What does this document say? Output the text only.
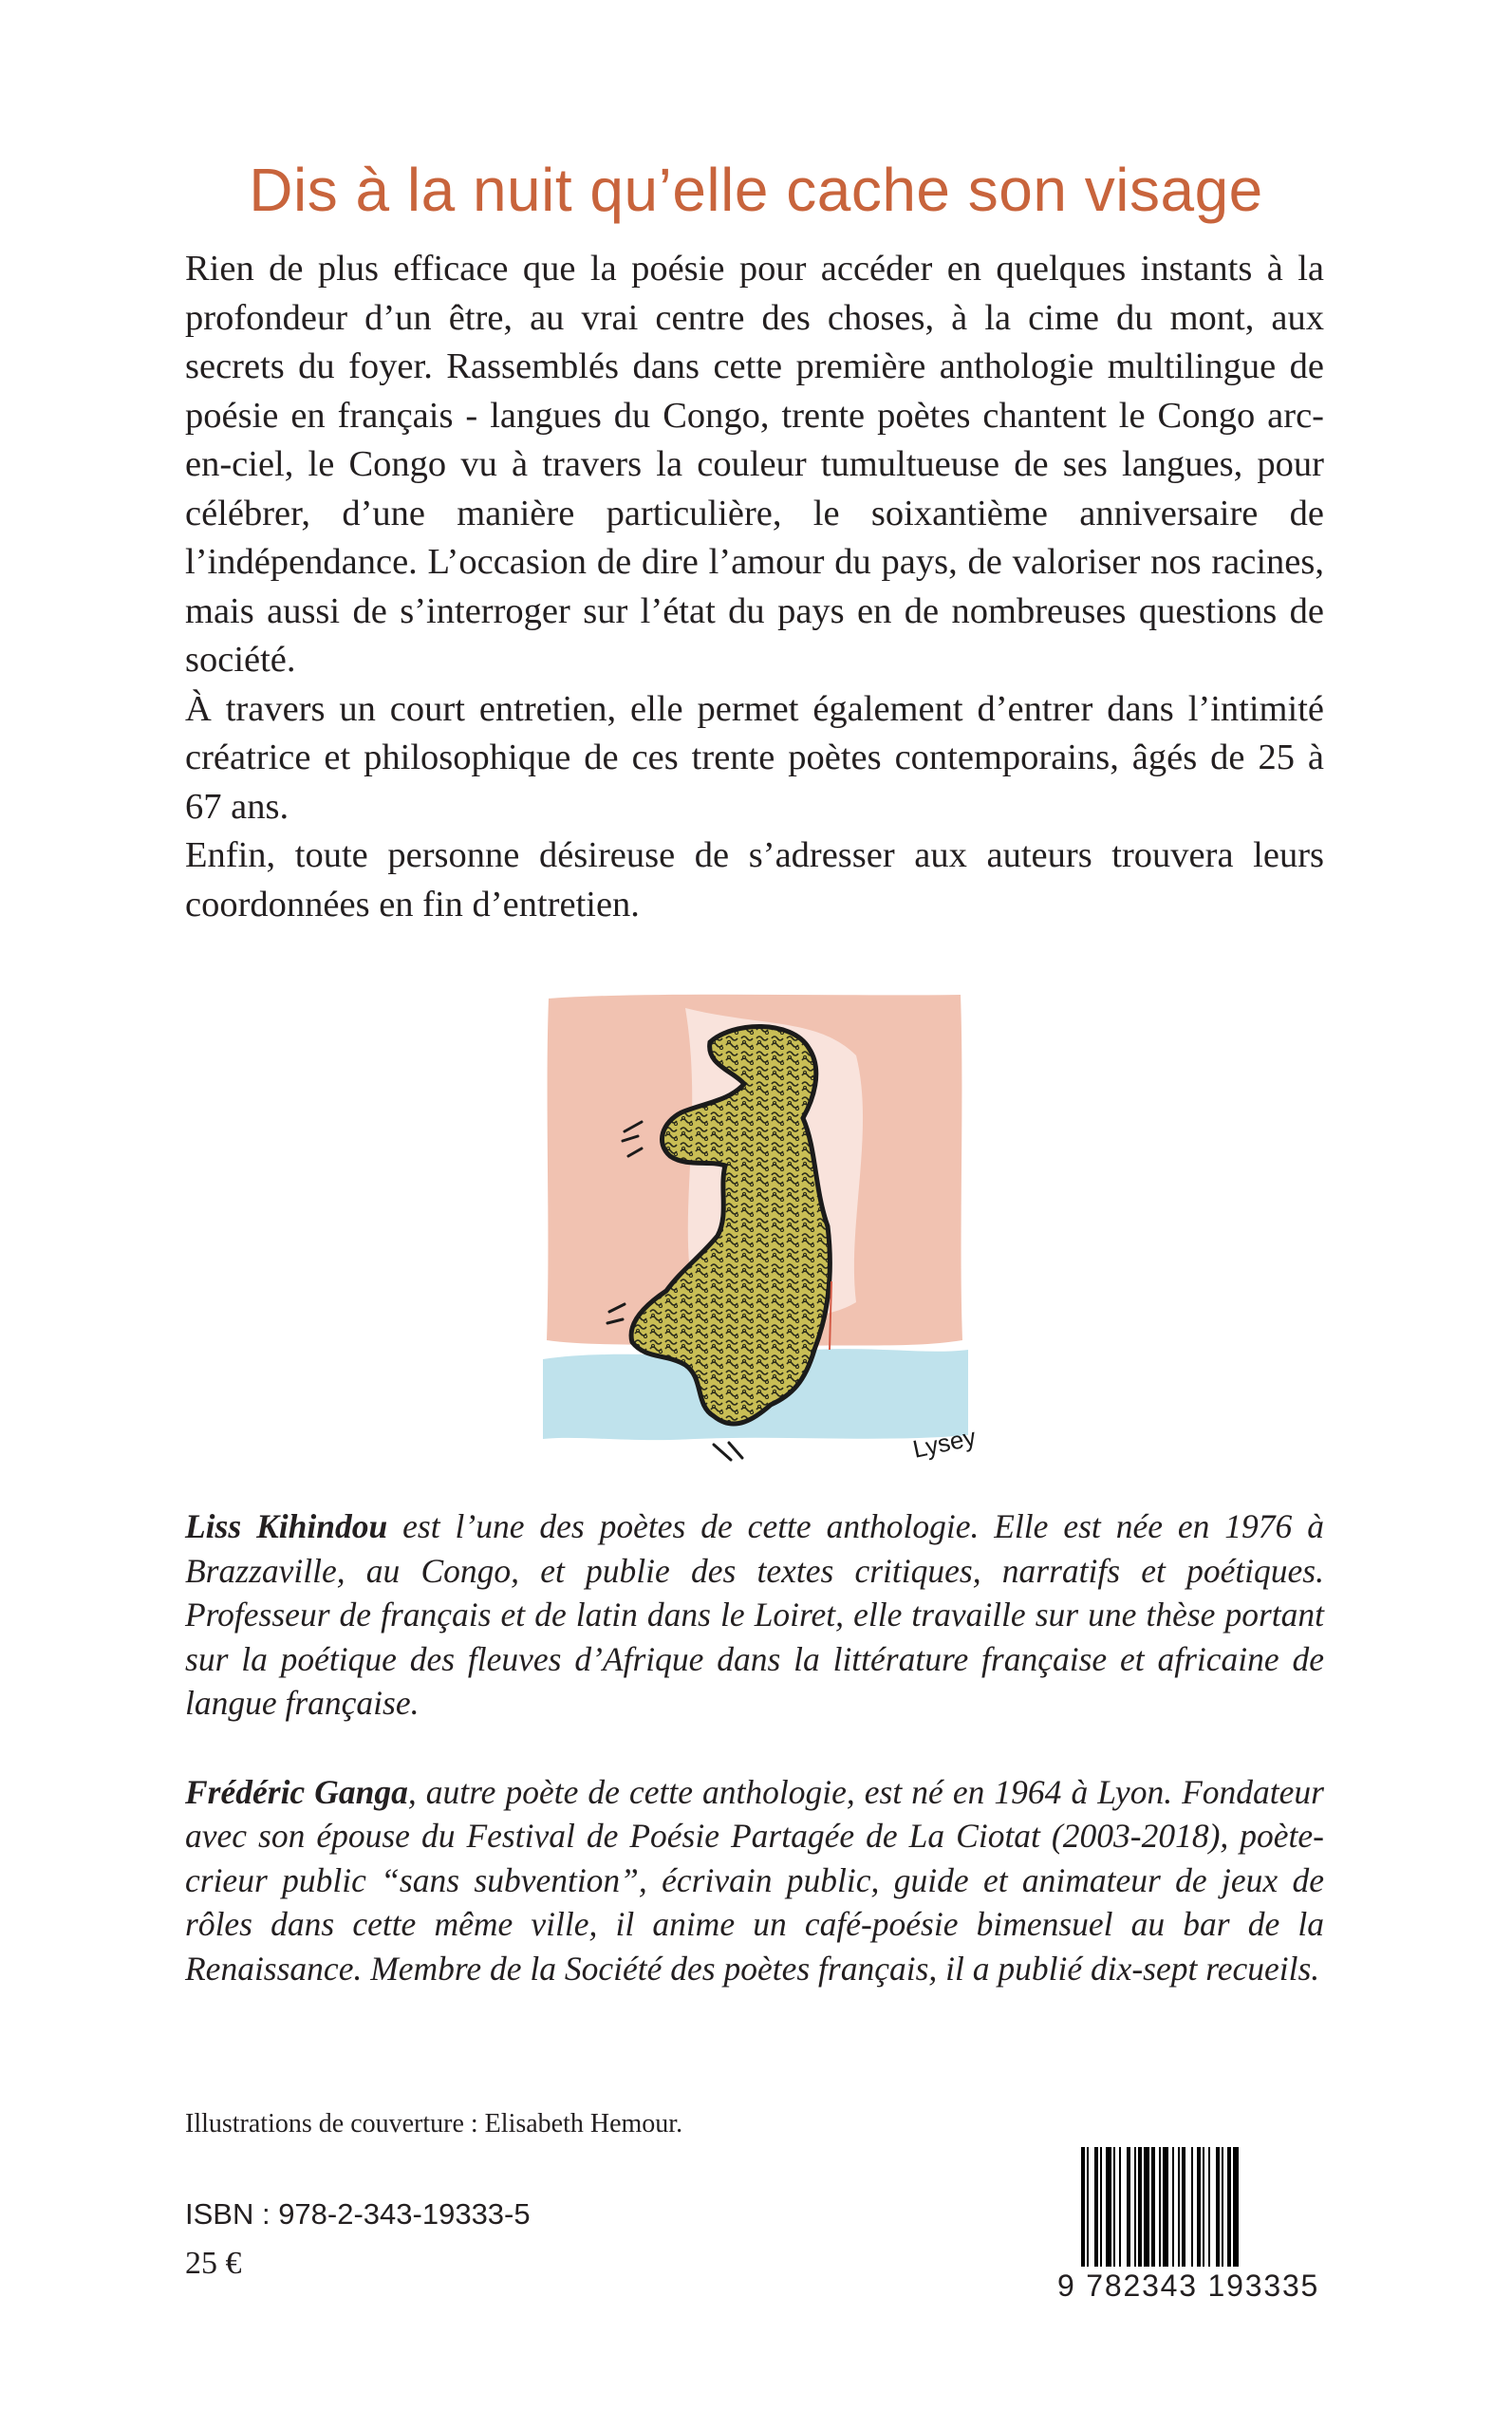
Dis à la nuit qu’elle cache son visage

Rien de plus efficace que la poésie pour accéder en quelques instants à la profondeur d’un être, au vrai centre des choses, à la cime du mont, aux secrets du foyer. Rassemblés dans cette première anthologie multilingue de poésie en français - langues du Congo, trente poètes chantent le Congo arc-en-ciel, le Congo vu à travers la couleur tumultueuse de ses langues, pour célébrer, d’une manière particulière, le soixantième anniversaire de l’indépendance. L’occasion de dire l’amour du pays, de valoriser nos racines, mais aussi de s’interroger sur l’état du pays en de nombreuses questions de société.

À travers un court entretien, elle permet également d’entrer dans l’intimité créatrice et philosophique de ces trente poètes contemporains, âgés de 25 à 67 ans.

Enfin, toute personne désireuse de s’adresser aux auteurs trouvera leurs coordonnées en fin d’entretien.

Lysey

Liss Kihindou est l’une des poètes de cette anthologie. Elle est née en 1976 à Brazzaville, au Congo, et publie des textes critiques, narratifs et poétiques. Professeur de français et de latin dans le Loiret, elle travaille sur une thèse portant sur la poétique des fleuves d’Afrique dans la littérature française et africaine de langue française.

Frédéric Ganga, autre poète de cette anthologie, est né en 1964 à Lyon. Fondateur avec son épouse du Festival de Poésie Partagée de La Ciotat (2003-2018), poète-crieur public “sans subvention”, écrivain public, guide et animateur de jeux de rôles dans cette même ville, il anime un café-poésie bimensuel au bar de la Renaissance. Membre de la Société des poètes français, il a publié dix-sept recueils.

Illustrations de couverture : Elisabeth Hemour.
ISBN : 978-2-343-19333-5
25 €
9 782343 193335
